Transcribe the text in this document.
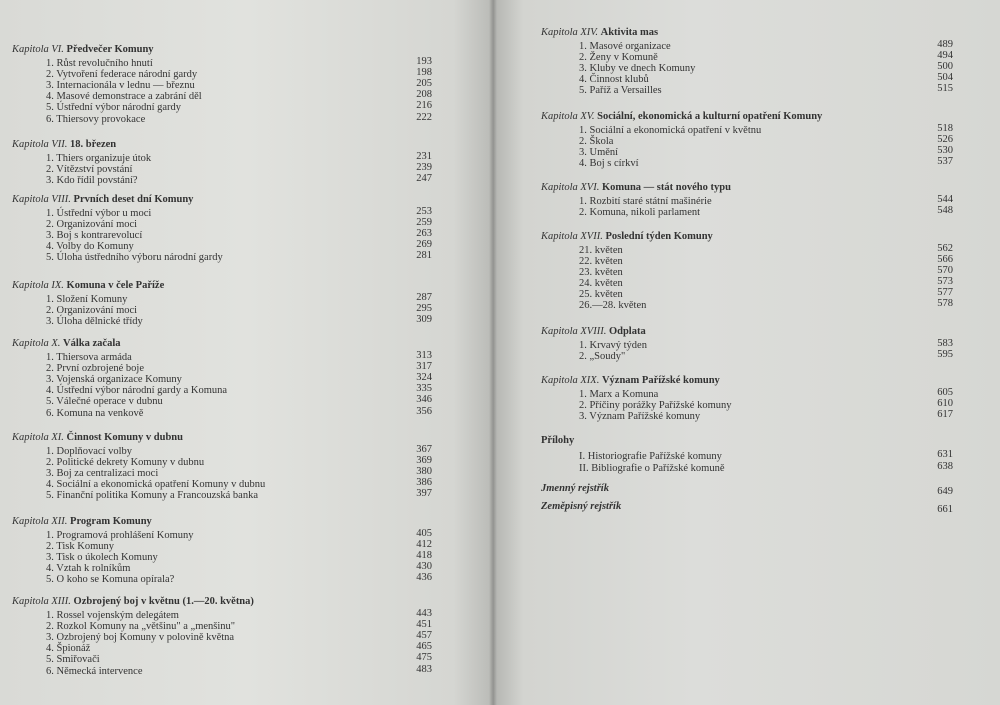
Kapitola VI. Předvečer Komuny
1. Růst revolučního hnutí	193
2. Vytvoření federace národní gardy	198
3. Internacionála v lednu — březnu	205
4. Masové demonstrace a zabrání děl	208
5. Ústřední výbor národní gardy	216
6. Thiersovy provokace	222
Kapitola VII. 18. březen
1. Thiers organizuje útok	231
2. Vítězství povstání	239
3. Kdo řídil povstání?	247
Kapitola VIII. Prvních deset dní Komuny
1. Ústřední výbor u moci	253
2. Organizování moci	259
3. Boj s kontrarevolucí	263
4. Volby do Komuny	269
5. Úloha ústředního výboru národní gardy	281
Kapitola IX. Komuna v čele Paříže
1. Složení Komuny	287
2. Organizování moci	295
3. Úloha dělnické třídy	309
Kapitola X. Válka začala
1. Thiersova armáda	313
2. První ozbrojené boje	317
3. Vojenská organizace Komuny	324
4. Ústřední výbor národní gardy a Komuna	335
5. Válečné operace v dubnu	346
6. Komuna na venkově	356
Kapitola XI. Činnost Komuny v dubnu
1. Doplňovací volby	367
2. Politické dekrety Komuny v dubnu	369
3. Boj za centralizaci moci	380
4. Sociální a ekonomická opatření Komuny v dubnu	386
5. Finanční politika Komuny a Francouzská banka	397
Kapitola XII. Program Komuny
1. Programová prohlášení Komuny	405
2. Tisk Komuny	412
3. Tisk o úkolech Komuny	418
4. Vztah k rolníkům	430
5. O koho se Komuna opírala?	436
Kapitola XIII. Ozbrojený boj v květnu (1.—20. května)
1. Rossel vojenským delegátem	443
2. Rozkol Komuny na „většinu" a „menšinu"	451
3. Ozbrojený boj Komuny v polovině května	457
4. Špionáž	465
5. Smiřovači	475
6. Německá intervence	483
Kapitola XIV. Aktivita mas
1. Masové organizace	489
2. Ženy v Komuně	494
3. Kluby ve dnech Komuny	500
4. Činnost klubů	504
5. Paříž a Versailles	515
Kapitola XV. Sociální, ekonomická a kulturní opatření Komuny
1. Sociální a ekonomická opatření v květnu	518
2. Škola	526
3. Umění	530
4. Boj s církví	537
Kapitola XVI. Komuna — stát nového typu
1. Rozbití staré státní mašinérie	544
2. Komuna, nikoli parlament	548
Kapitola XVII. Poslední týden Komuny
21. květen	562
22. květen	566
23. květen	570
24. květen	573
25. květen	577
26.—28. květen	578
Kapitola XVIII. Odplata
1. Krvavý týden	583
2. „Soudy"	595
Kapitola XIX. Význam Pařížské komuny
1. Marx a Komuna	605
2. Příčiny porážky Pařížské komuny	610
3. Význam Pařížské komuny	617
Přílohy
I. Historiografie Pařížské komuny	631
II. Bibliografie o Pařížské komuně	638
Jmenný rejstřík	649
Zeměpisný rejstřík	661
